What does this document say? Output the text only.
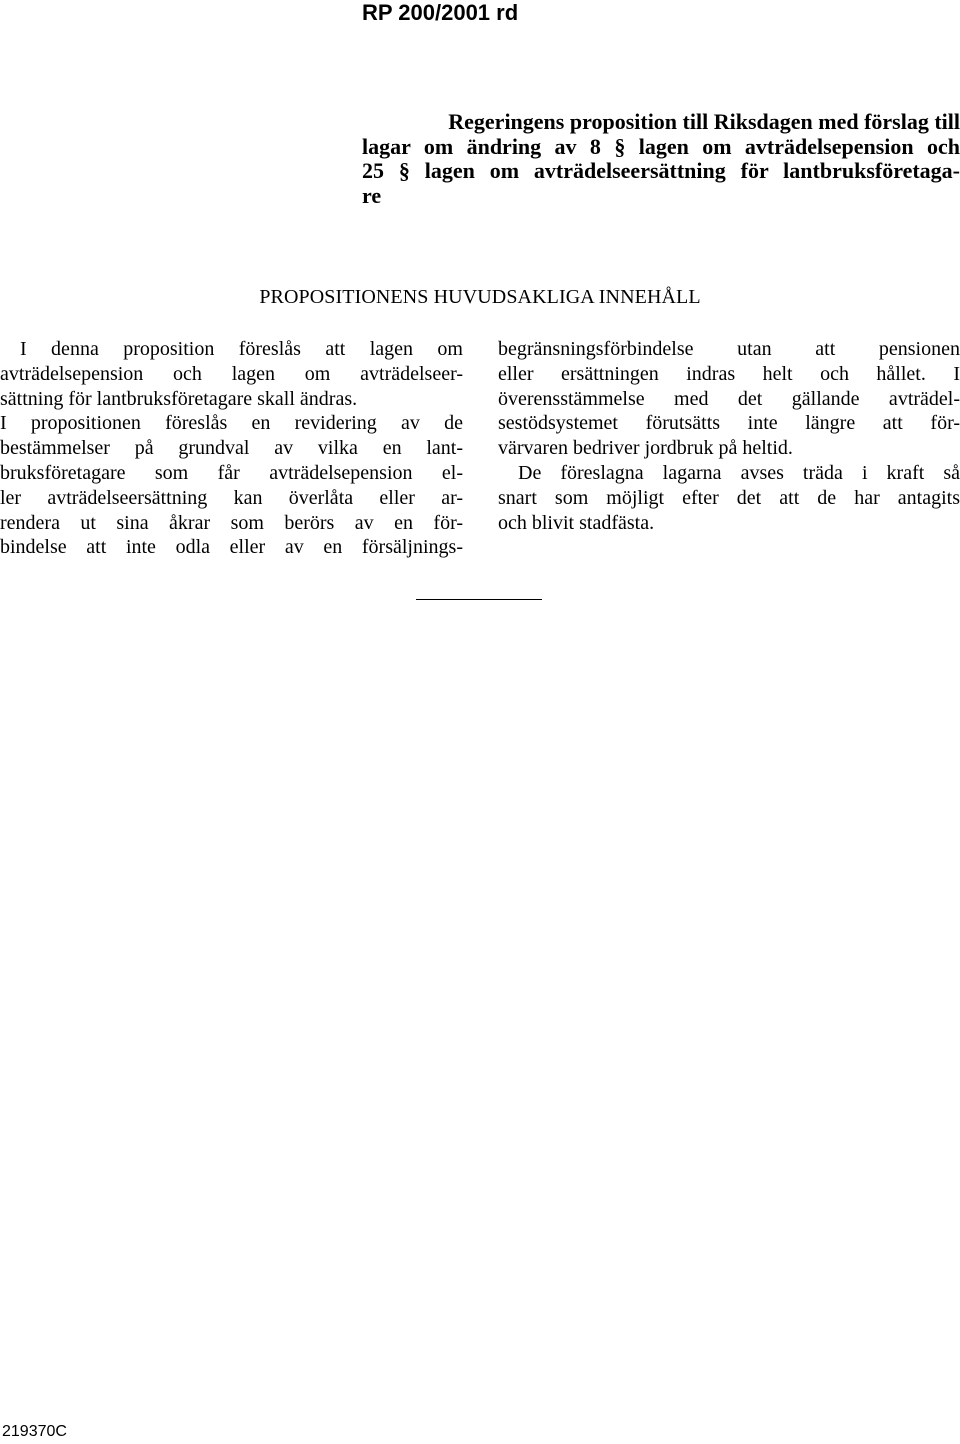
RP 200/2001 rd
Regeringens proposition till Riksdagen med förslag till
lagar om ändring av 8 § lagen om avträdelsepension och
25 § lagen om avträdelseersättning för lantbruksföretaga-
re
PROPOSITIONENS HUVUDSAKLIGA INNEHÅLL
I denna proposition föreslås att lagen om
avträdelsepension och lagen om avträdelseer-
sättning för lantbruksföretagare skall ändras.
I propositionen föreslås en revidering av de
bestämmelser på grundval av vilka en lant-
bruksföretagare som får avträdelsepension el-
ler avträdelseersättning kan överlåta eller ar-
rendera ut sina åkrar som berörs av en för-
bindelse att inte odla eller av en försäljnings-
begränsningsförbindelse utan att pensionen
eller ersättningen indras helt och hållet. I
överensstämmelse med det gällande avträdel-
sestödsystemet förutsätts inte längre att för-
värvaren bedriver jordbruk på heltid.
De föreslagna lagarna avses träda i kraft så
snart som möjligt efter det att de har antagits
och blivit stadfästa.
219370C
